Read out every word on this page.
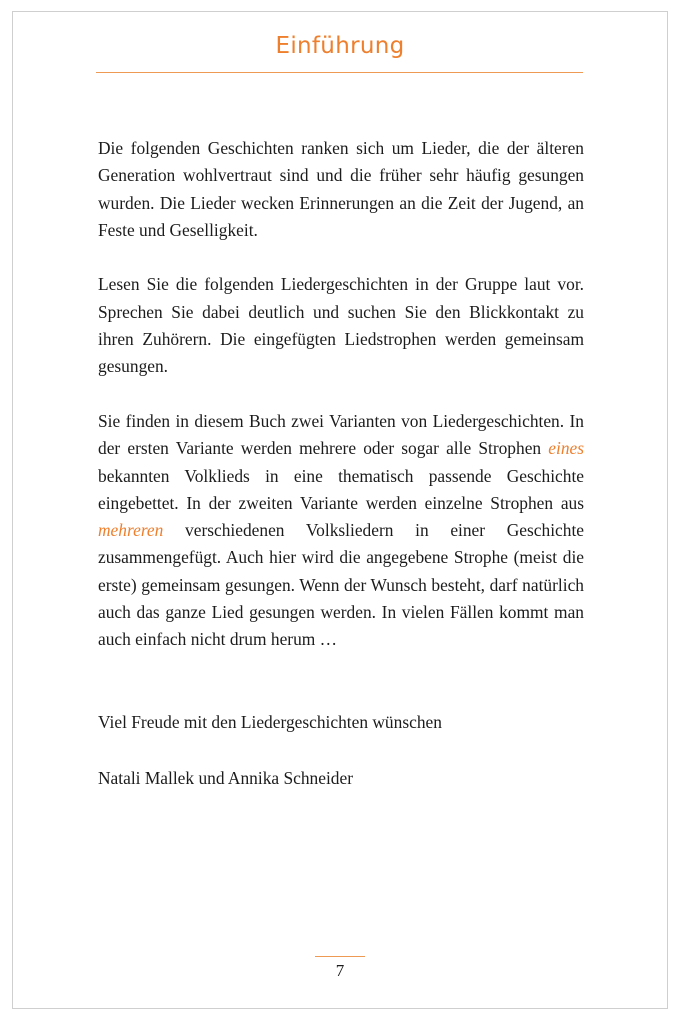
Einführung

Die folgenden Geschichten ranken sich um Lieder, die der älteren Generation wohlvertraut sind und die früher sehr häufig gesungen wurden. Die Lieder wecken Erinnerungen an die Zeit der Jugend, an Feste und Geselligkeit.

Lesen Sie die folgenden Liedergeschichten in der Gruppe laut vor. Sprechen Sie dabei deutlich und suchen Sie den Blickkontakt zu ihren Zuhörern. Die eingefügten Liedstrophen werden gemeinsam gesungen.

Sie finden in diesem Buch zwei Varianten von Liedergeschichten. In der ersten Variante werden mehrere oder sogar alle Strophen eines bekannten Volklieds in eine thematisch passende Geschichte eingebettet. In der zweiten Variante werden einzelne Strophen aus mehreren verschiedenen Volksliedern in einer Geschichte zusammengefügt. Auch hier wird die angegebene Strophe (meist die erste) gemeinsam gesungen. Wenn der Wunsch besteht, darf natürlich auch das ganze Lied gesungen werden. In vielen Fällen kommt man auch einfach nicht drum herum …

Viel Freude mit den Liedergeschichten wünschen

Natali Mallek und Annika Schneider

7
